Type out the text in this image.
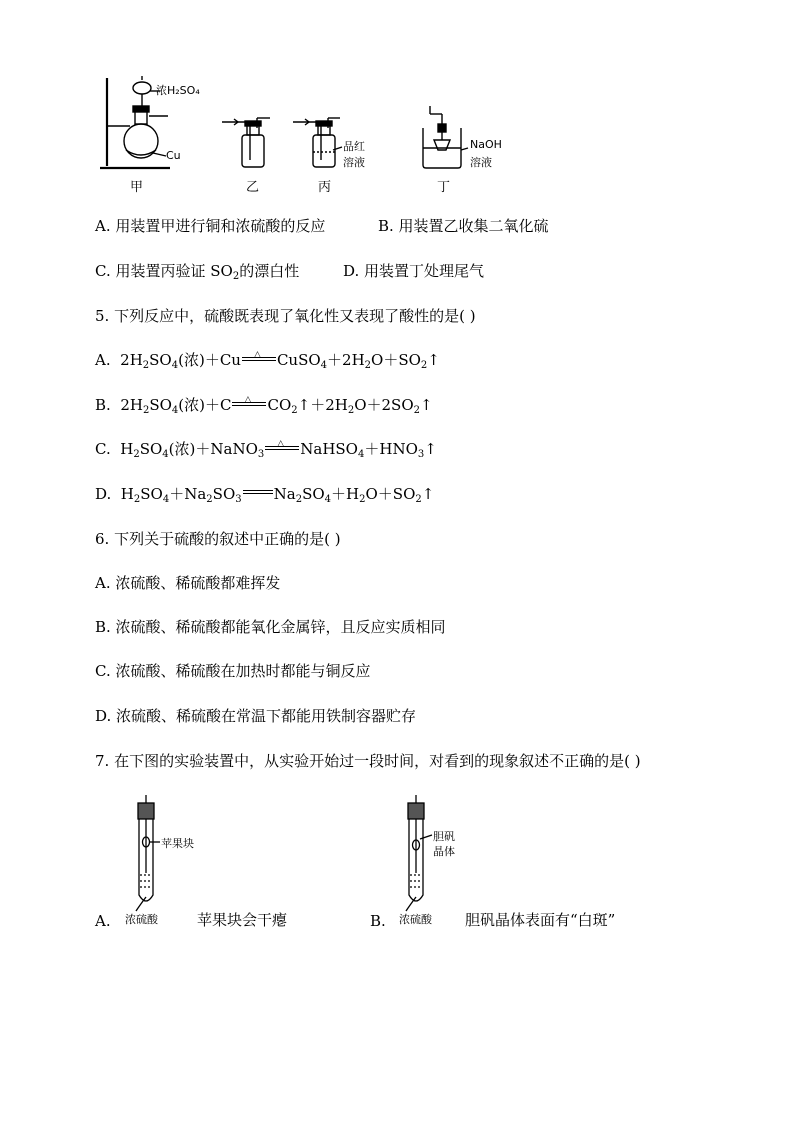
浓H₂SO₄
Cu
品红
溶液
NaOH
溶液
甲	乙	丙	丁
A. 用装置甲进行铜和浓硫酸的反应	B. 用装置乙收集二氧化硫
C. 用装置丙验证 $SO_2$的漂白性	D. 用装置丁处理尾气
5. 下列反应中，硫酸既表现了氧化性又表现了酸性的是( )
A.  $2H_2SO_4$(浓)＋Cu △ $CuSO_4+2H_2O+SO_2↑$
B.  $2H_2SO_4$(浓)＋C △ $CO_2↑+2H_2O+2SO_2↑$
C.  $H_2SO_4$(浓)＋NaNO$_3$
△ $NaHSO_4+HNO_3↑$
D.  $H_2SO_4+Na_2SO_3$ $Na_2SO_4+H_2O+SO_2↑$
6. 下列关于硫酸的叙述中正确的是( )
A. 浓硫酸、稀硫酸都难挥发
B. 浓硫酸、稀硫酸都能氧化金属锌，且反应实质相同
C. 浓硫酸、稀硫酸在加热时都能与铜反应
D. 浓硫酸、稀硫酸在常温下都能用铁制容器贮存
7. 在下图的实验装置中，从实验开始过一段时间，对看到的现象叙述不正确的是( )
苹果块
胆矾
晶体
A. 浓硫酸	苹果块会干瘪	B. 浓硫酸 胆矾晶体表面有“白斑”
